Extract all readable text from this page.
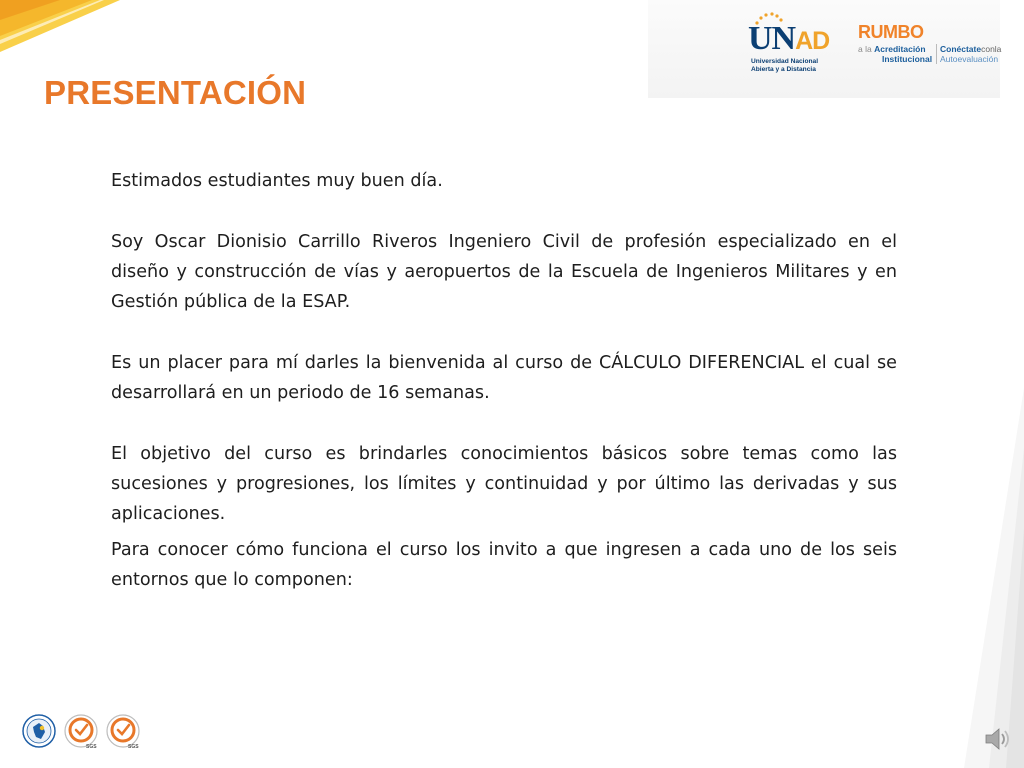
UNAD
Universidad Nacional
Abierta y a Distancia
RUMBO
a la Acreditación
Institucional
Conéctateconla
Autoevaluación
PRESENTACIÓN

Estimados estudiantes muy buen día.

Soy Oscar Dionisio Carrillo Riveros Ingeniero Civil de profesión especializado en el diseño y construcción de vías y aeropuertos de la Escuela de Ingenieros Militares y en Gestión pública de la ESAP.

Es un placer para mí darles la bienvenida al curso de CÁLCULO DIFERENCIAL el cual se desarrollará en un periodo de 16 semanas.

El objetivo del curso es brindarles conocimientos básicos sobre temas como las sucesiones y progresiones, los límites y continuidad y por último las derivadas y sus aplicaciones.

Para conocer cómo funciona el curso los invito a que ingresen a cada uno de los seis entornos que lo componen:

SGS	SGS
